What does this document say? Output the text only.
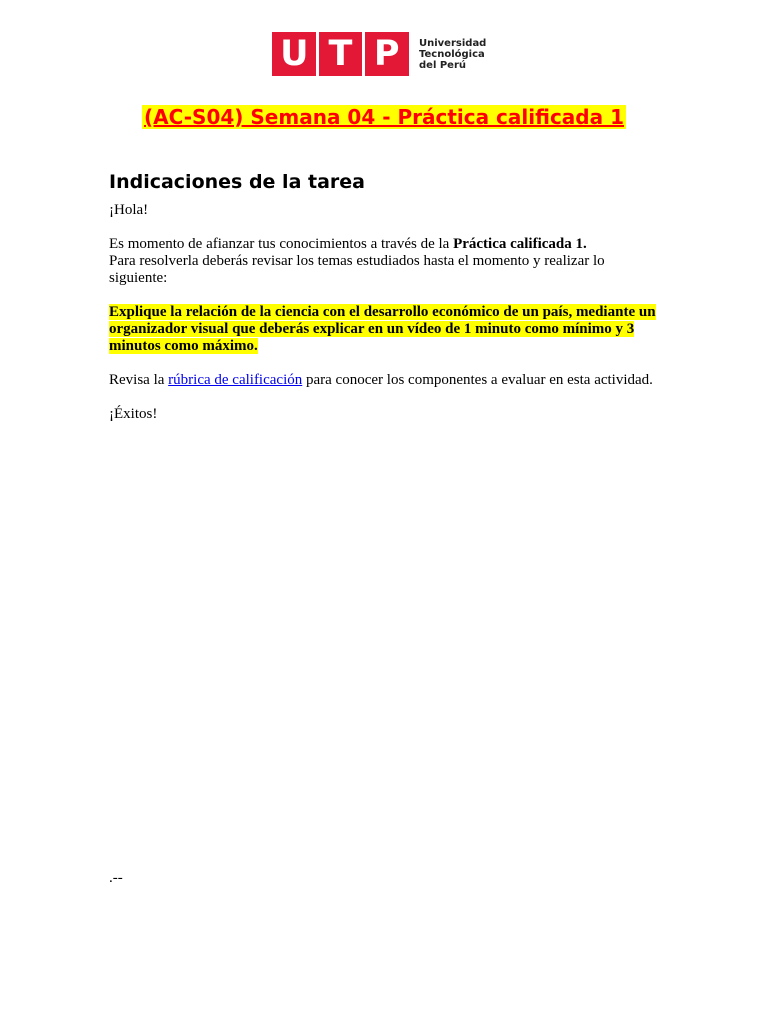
U T P Universidad
Tecnológica
del Perú
(AC-S04) Semana 04 - Práctica calificada 1
Indicaciones de la tarea

¡Hola!

Es momento de afianzar tus conocimientos a través de la Práctica calificada 1.
Para resolverla deberás revisar los temas estudiados hasta el momento y realizar lo siguiente:

Explique la relación de la ciencia con el desarrollo económico de un país, mediante un organizador visual que deberás explicar en un vídeo de 1 minuto como mínimo y 3 minutos como máximo.

Revisa la rúbrica de calificación para conocer los componentes a evaluar en esta actividad.

¡Éxitos!

.--
